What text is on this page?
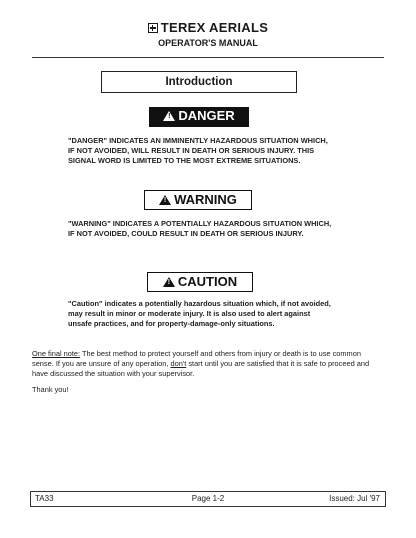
TEREX AERIALS
OPERATOR'S MANUAL
Introduction
! DANGER
"DANGER" INDICATES AN IMMINENTLY HAZARDOUS SITUATION WHICH, IF NOT AVOIDED, WILL RESULT IN DEATH OR SERIOUS INJURY. THIS SIGNAL WORD IS LIMITED TO THE MOST EXTREME SITUATIONS.
! WARNING
"WARNING" INDICATES A POTENTIALLY HAZARDOUS SITUATION WHICH, IF NOT AVOIDED, COULD RESULT IN DEATH OR SERIOUS INJURY.
! CAUTION
"Caution" indicates a potentially hazardous situation which, if not avoided, may result in minor or moderate injury. It is also used to alert against unsafe practices, and for property-damage-only situations.
One final note: The best method to protect yourself and others from injury or death is to use common sense. If you are unsure of any operation, don't start until you are satisfied that it is safe to proceed and have discussed the situation with your supervisor.
Thank you!
TA33	Page 1-2	Issued: Jul '97
